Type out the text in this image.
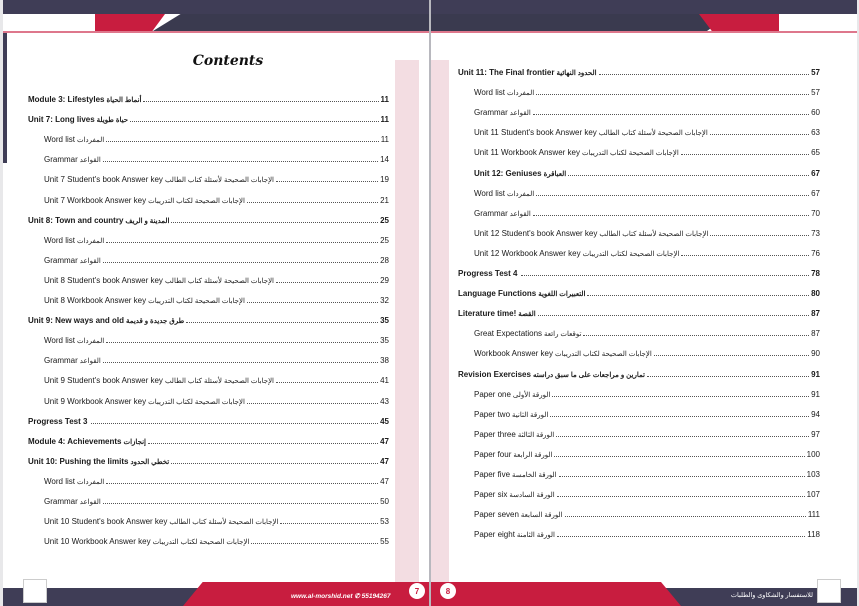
Contents
Module 3: Lifestyles أنماط الحياة	11
Unit 7: Long lives حياة طويلة	11
Word list المفردات	11
Grammar القواعد	14
Unit 7 Student's book Answer key الإجابات الصحيحة لأسئلة كتاب الطالب	19
Unit 7 Workbook Answer key الإجابات الصحيحة لكتاب التدريبات	21
Unit 8: Town and country المدينة و الريف	25
Word list المفردات	25
Grammar القواعد	28
Unit 8 Student's book Answer key الإجابات الصحيحة لأسئلة كتاب الطالب	29
Unit 8 Workbook Answer key الإجابات الصحيحة لكتاب التدريبات	32
Unit 9: New ways and old طرق جديدة و قديمة	35
Word list المفردات	35
Grammar القواعد	38
Unit 9 Student's book Answer key الإجابات الصحيحة لأسئلة كتاب الطالب	41
Unit 9 Workbook Answer key الإجابات الصحيحة لكتاب التدريبات	43
Progress Test 3	45
Module 4: Achievements إنجازات	47
Unit 10: Pushing the limits تخطي الحدود	47
Word list المفردات	47
Grammar القواعد	50
Unit 10 Student's book Answer key الإجابات الصحيحة لأسئلة كتاب الطالب	53
Unit 10 Workbook Answer key الإجابات الصحيحة لكتاب التدريبات	55
www.al-morshid.net ✆ 55194267
7
Unit 11: The Final frontier الحدود النهائية	57
Word list المفردات	57
Grammar القواعد	60
Unit 11 Student's book Answer key الإجابات الصحيحة لأسئلة كتاب الطالب	63
Unit 11 Workbook Answer key الإجابات الصحيحة لكتاب التدريبات	65
Unit 12: Geniuses العباقرة	67
Word list المفردات	67
Grammar القواعد	70
Unit 12 Student's book Answer key الإجابات الصحيحة لأسئلة كتاب الطالب	73
Unit 12 Workbook Answer key الإجابات الصحيحة لكتاب التدريبات	76
Progress Test 4	78
Language Functions التعبيرات اللغوية	80
Literature time! القصة	87
Great Expectations توقعات رائعة	87
Workbook Answer key الإجابات الصحيحة لكتاب التدريبات	90
Revision Exercises تمارين و مراجعات على ما سبق دراسته	91
Paper one الورقة الأولى	91
Paper two الورقة الثانية	94
Paper three الورقة الثالثة	97
Paper four الورقة الرابعة	100
Paper five الورقة الخامسة	103
Paper six الورقة السادسة	107
Paper seven الورقة السابعة	111
Paper eight الورقة الثامنة	118
8	للاستفسار والشكاوى والطلبات
